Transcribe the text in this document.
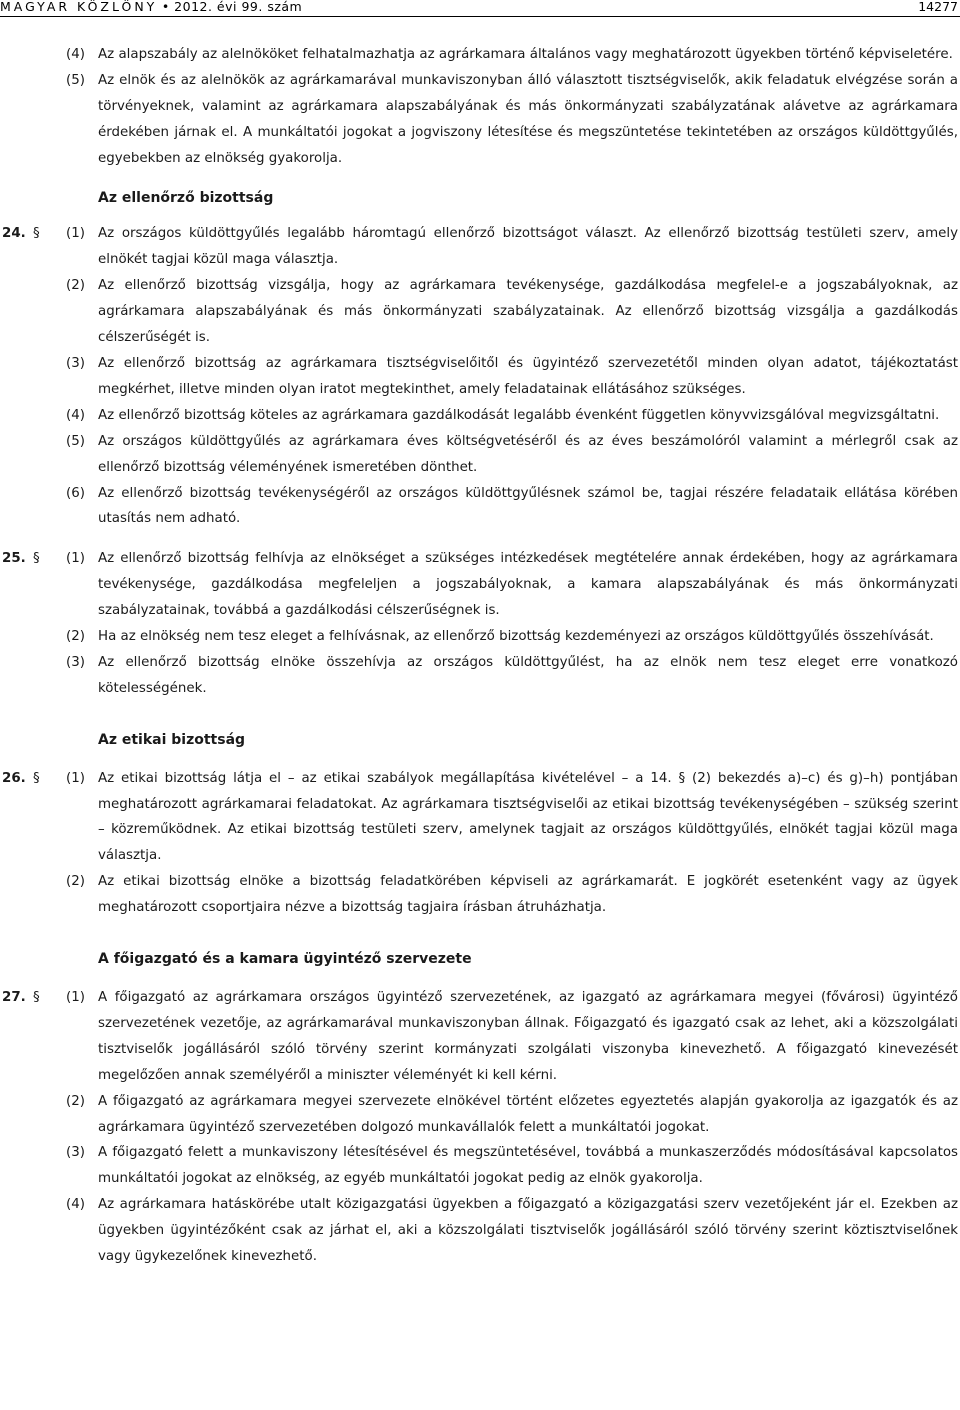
MAGYAR KÖZLÖNY • 2012. évi 99. szám	14277
(4) Az alapszabály az alelnököket felhatalmazhatja az agrárkamara általános vagy meghatározott ügyekben történő képviseletére.
(5) Az elnök és az alelnökök az agrárkamarával munkaviszonyban álló választott tisztségviselők, akik feladatuk elvégzése során a törvényeknek, valamint az agrárkamara alapszabályának és más önkormányzati szabályzatának alávetve az agrárkamara érdekében járnak el. A munkáltatói jogokat a jogviszony létesítése és megszüntetése tekintetében az országos küldöttgyűlés, egyebekben az elnökség gyakorolja.
Az ellenőrző bizottság
24. § (1) Az országos küldöttgyűlés legalább háromtagú ellenőrző bizottságot választ. Az ellenőrző bizottság testületi szerv, amely elnökét tagjai közül maga választja.
(2) Az ellenőrző bizottság vizsgálja, hogy az agrárkamara tevékenysége, gazdálkodása megfelel-e a jogszabályoknak, az agrárkamara alapszabályának és más önkormányzati szabályzatainak. Az ellenőrző bizottság vizsgálja a gazdálkodás célszerűségét is.
(3) Az ellenőrző bizottság az agrárkamara tisztségviselőitől és ügyintéző szervezetétől minden olyan adatot, tájékoztatást megkérhet, illetve minden olyan iratot megtekinthet, amely feladatainak ellátásához szükséges.
(4) Az ellenőrző bizottság köteles az agrárkamara gazdálkodását legalább évenként független könyvvizsgálóval megvizsgáltatni.
(5) Az országos küldöttgyűlés az agrárkamara éves költségvetéséről és az éves beszámolóról valamint a mérlegről csak az ellenőrző bizottság véleményének ismeretében dönthet.
(6) Az ellenőrző bizottság tevékenységéről az országos küldöttgyűlésnek számol be, tagjai részére feladataik ellátása körében utasítás nem adható.
25. § (1) Az ellenőrző bizottság felhívja az elnökséget a szükséges intézkedések megtételére annak érdekében, hogy az agrárkamara tevékenysége, gazdálkodása megfeleljen a jogszabályoknak, a kamara alapszabályának és más önkormányzati szabályzatainak, továbbá a gazdálkodási célszerűségnek is.
(2) Ha az elnökség nem tesz eleget a felhívásnak, az ellenőrző bizottság kezdeményezi az országos küldöttgyűlés összehívását.
(3) Az ellenőrző bizottság elnöke összehívja az országos küldöttgyűlést, ha az elnök nem tesz eleget erre vonatkozó kötelességének.
Az etikai bizottság
26. § (1) Az etikai bizottság látja el – az etikai szabályok megállapítása kivételével – a 14. § (2) bekezdés a)–c) és g)–h) pontjában meghatározott agrárkamarai feladatokat. Az agrárkamara tisztségviselői az etikai bizottság tevékenységében – szükség szerint – közreműködnek. Az etikai bizottság testületi szerv, amelynek tagjait az országos küldöttgyűlés, elnökét tagjai közül maga választja.
(2) Az etikai bizottság elnöke a bizottság feladatkörében képviseli az agrárkamarát. E jogkörét esetenként vagy az ügyek meghatározott csoportjaira nézve a bizottság tagjaira írásban átruházhatja.
A főigazgató és a kamara ügyintéző szervezete
27. § (1) A főigazgató az agrárkamara országos ügyintéző szervezetének, az igazgató az agrárkamara megyei (fővárosi) ügyintéző szervezetének vezetője, az agrárkamarával munkaviszonyban állnak. Főigazgató és igazgató csak az lehet, aki a közszolgálati tisztviselők jogállásáról szóló törvény szerint kormányzati szolgálati viszonyba kinevezhető. A főigazgató kinevezését megelőzően annak személyéről a miniszter véleményét ki kell kérni.
(2) A főigazgató az agrárkamara megyei szervezete elnökével történt előzetes egyeztetés alapján gyakorolja az igazgatók és az agrárkamara ügyintéző szervezetében dolgozó munkavállalók felett a munkáltatói jogokat.
(3) A főigazgató felett a munkaviszony létesítésével és megszüntetésével, továbbá a munkaszerződés módosításával kapcsolatos munkáltatói jogokat az elnökség, az egyéb munkáltatói jogokat pedig az elnök gyakorolja.
(4) Az agrárkamara hatáskörébe utalt közigazgatási ügyekben a főigazgató a közigazgatási szerv vezetőjeként jár el. Ezekben az ügyekben ügyintézőként csak az járhat el, aki a közszolgálati tisztviselők jogállásáról szóló törvény szerint köztisztviselőnek vagy ügykezelőnek kinevezhető.
